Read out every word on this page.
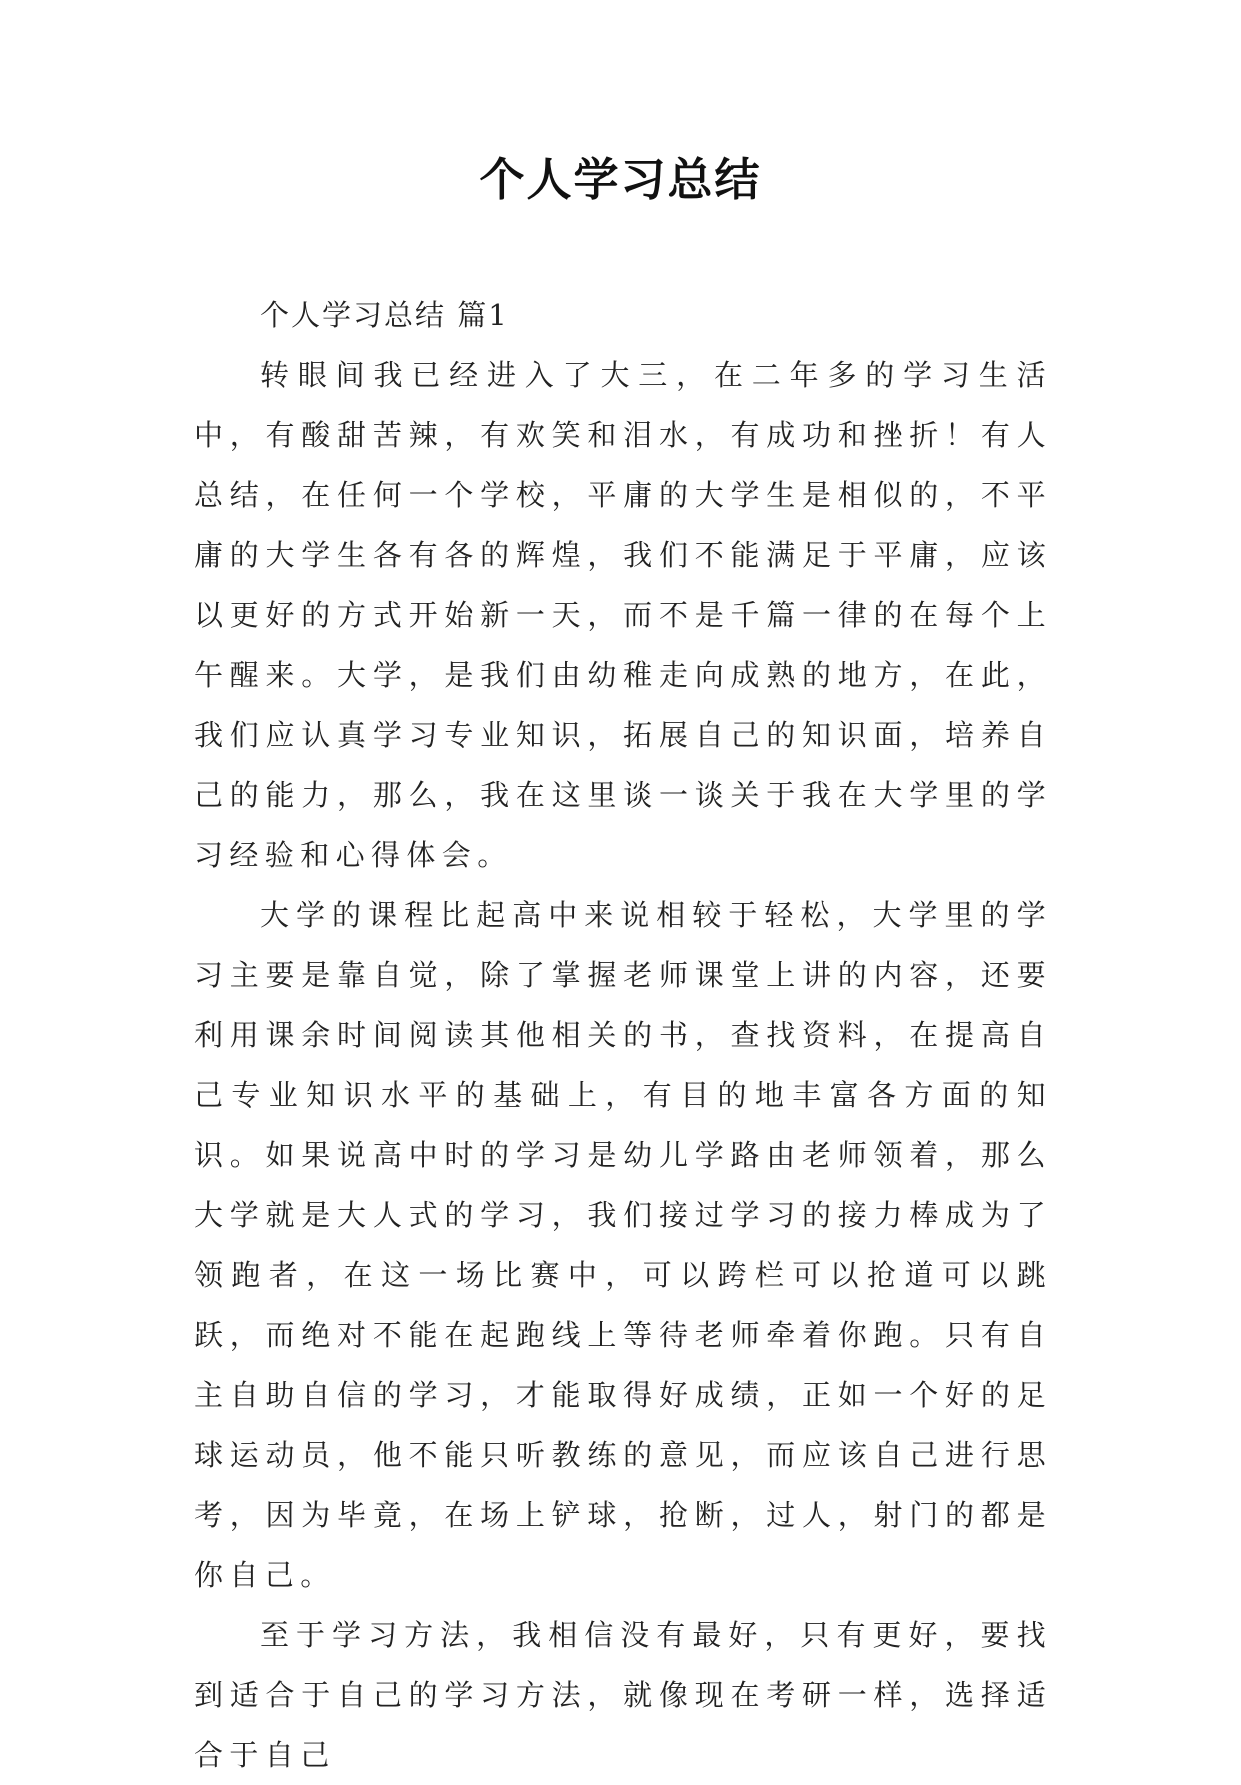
个人学习总结
个人学习总结 篇1

转眼间我已经进入了大三，在二年多的学习生活中，有酸甜苦辣，有欢笑和泪水，有成功和挫折！有人总结，在任何一个学校，平庸的大学生是相似的，不平庸的大学生各有各的辉煌，我们不能满足于平庸，应该以更好的方式开始新一天，而不是千篇一律的在每个上午醒来。大学，是我们由幼稚走向成熟的地方，在此，我们应认真学习专业知识，拓展自己的知识面，培养自己的能力，那么，我在这里谈一谈关于我在大学里的学习经验和心得体会。

大学的课程比起高中来说相较于轻松，大学里的学习主要是靠自觉，除了掌握老师课堂上讲的内容，还要利用课余时间阅读其他相关的书，查找资料，在提高自己专业知识水平的基础上，有目的地丰富各方面的知识。如果说高中时的学习是幼儿学路由老师领着，那么大学就是大人式的学习，我们接过学习的接力棒成为了领跑者，在这一场比赛中，可以跨栏可以抢道可以跳跃，而绝对不能在起跑线上等待老师牵着你跑。只有自主自助自信的学习，才能取得好成绩，正如一个好的足球运动员，他不能只听教练的意见，而应该自己进行思考，因为毕竟，在场上铲球，抢断，过人，射门的都是你自己。

至于学习方法，我相信没有最好，只有更好，要找到适合于自己的学习方法，就像现在考研一样，选择适合于自己
